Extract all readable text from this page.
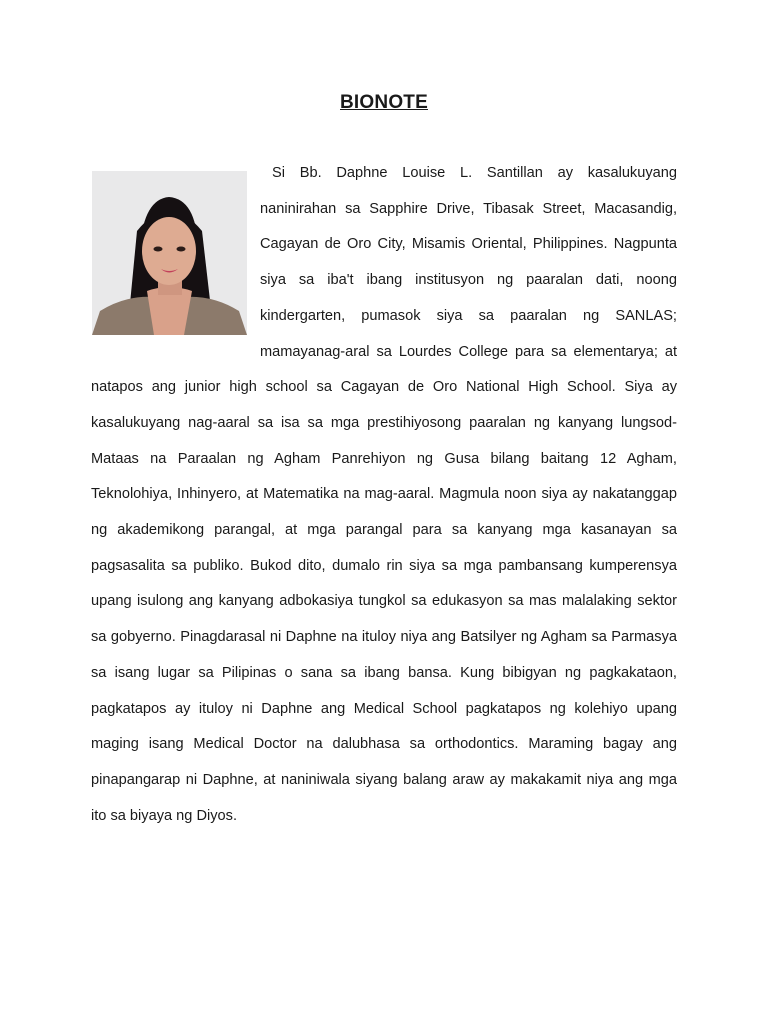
BIONOTE
Si Bb. Daphne Louise L. Santillan ay kasalukuyang naninirahan sa Sapphire Drive, Tibasak Street, Macasandig, Cagayan de Oro City, Misamis Oriental, Philippines. Nagpunta siya sa iba't ibang institusyon ng paaralan dati, noong kindergarten, pumasok siya sa paaralan ng SANLAS; mamayanag-aral sa Lourdes College para sa elementarya; at natapos ang junior high school sa Cagayan de Oro National High School. Siya ay kasalukuyang nag-aaral sa isa sa mga prestihiyosong paaralan ng kanyang lungsod- Mataas na Paraalan ng Agham Panrehiyon ng Gusa bilang baitang 12 Agham, Teknolohiya, Inhinyero, at Matematika na mag-aaral. Magmula noon siya ay nakatanggap ng akademikong parangal, at mga parangal para sa kanyang mga kasanayan sa pagsasalita sa publiko. Bukod dito, dumalo rin siya sa mga pambansang kumperensya upang isulong ang kanyang adbokasiya tungkol sa edukasyon sa mas malalaking sektor sa gobyerno. Pinagdarasal ni Daphne na ituloy niya ang Batsilyer ng Agham sa Parmasya sa isang lugar sa Pilipinas o sana sa ibang bansa. Kung bibigyan ng pagkakataon, pagkatapos ay ituloy ni Daphne ang Medical School pagkatapos ng kolehiyo upang maging isang Medical Doctor na dalubhasa sa orthodontics. Maraming bagay ang pinapangarap ni Daphne, at naniniwala siyang balang araw ay makakamit niya ang mga ito sa biyaya ng Diyos.
